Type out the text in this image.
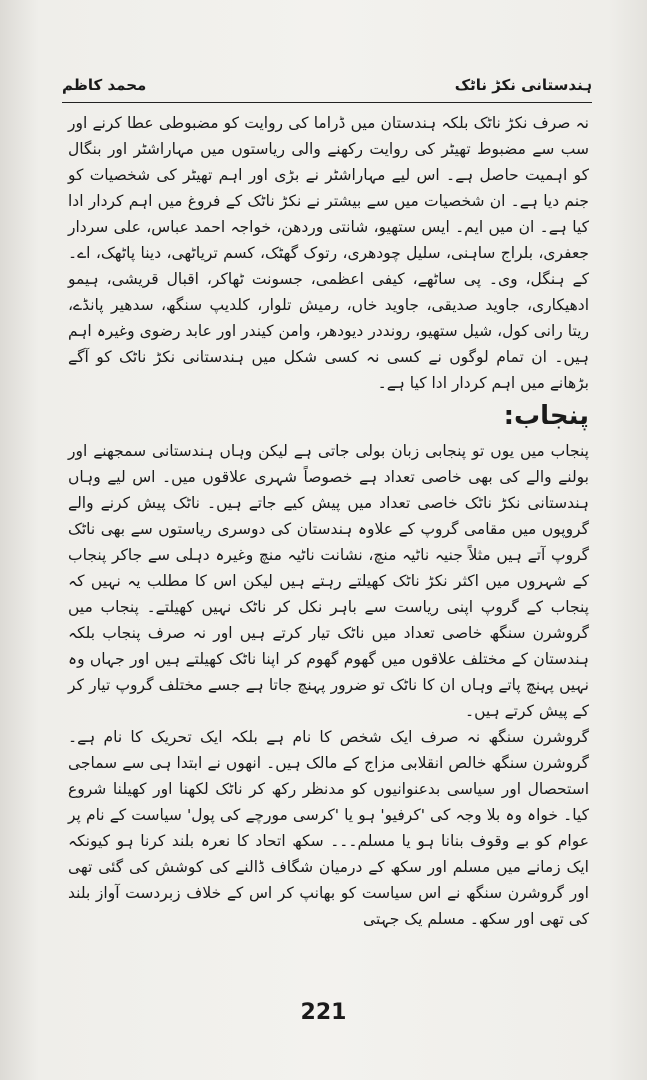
ہندستانی نکڑ ناٹک
محمد کاظم

نہ صرف نکڑ ناٹک بلکہ ہندستان میں ڈراما کی روایت کو مضبوطی عطا کرنے اور سب سے مضبوط تھیٹر کی روایت رکھنے والی ریاستوں میں مہاراشٹر اور بنگال کو اہمیت حاصل ہے۔ اس لیے مہاراشٹر نے بڑی اور اہم تھیٹر کی شخصیات کو جنم دیا ہے۔ ان شخصیات میں سے بیشتر نے نکڑ ناٹک کے فروغ میں اہم کردار ادا کیا ہے۔ ان میں ایم۔ ایس ستھیو، شانتی وردھن، خواجہ احمد عباس، علی سردار جعفری، بلراج ساہنی، سلیل چودھری، رتوک گھٹک، کسم تریاٹھی، دینا پاٹھک، اے۔ کے ہنگل، وی۔ پی ساٹھے، کیفی اعظمی، جسونت ٹھاکر، اقبال قریشی، ہیمو ادھیکاری، جاوید صدیقی، جاوید خاں، رمیش تلوار، کلدیپ سنگھ، سدھیر پانڈے، ریتا رانی کول، شیل ستھیو، رونددر دیودھر، وامن کیندر اور عابد رضوی وغیرہ اہم ہیں۔ ان تمام لوگوں نے کسی نہ کسی شکل میں ہندستانی نکڑ ناٹک کو آگے بڑھانے میں اہم کردار ادا کیا ہے۔

پنجاب:

پنجاب میں یوں تو پنجابی زبان بولی جاتی ہے لیکن وہاں ہندستانی سمجھنے اور بولنے والے کی بھی خاصی تعداد ہے خصوصاً شہری علاقوں میں۔ اس لیے وہاں ہندستانی نکڑ ناٹک خاصی تعداد میں پیش کیے جاتے ہیں۔ ناٹک پیش کرنے والے گروپوں میں مقامی گروپ کے علاوہ ہندستان کی دوسری ریاستوں سے بھی ناٹک گروپ آتے ہیں مثلاً جنیہ ناٹیہ منچ، نشانت ناٹیہ منچ وغیرہ دہلی سے جاکر پنجاب کے شہروں میں اکثر نکڑ ناٹک کھیلتے رہتے ہیں لیکن اس کا مطلب یہ نہیں کہ پنجاب کے گروپ اپنی ریاست سے باہر نکل کر ناٹک نہیں کھیلتے۔ پنجاب میں گروشرن سنگھ خاصی تعداد میں ناٹک تیار کرتے ہیں اور نہ صرف پنجاب بلکہ ہندستان کے مختلف علاقوں میں گھوم گھوم کر اپنا ناٹک کھیلتے ہیں اور جہاں وہ نہیں پہنچ پاتے وہاں ان کا ناٹک تو ضرور پہنچ جاتا ہے جسے مختلف گروپ تیار کر کے پیش کرتے ہیں۔

گروشرن سنگھ نہ صرف ایک شخص کا نام ہے بلکہ ایک تحریک کا نام ہے۔ گروشرن سنگھ خالص انقلابی مزاج کے مالک ہیں۔ انھوں نے ابتدا ہی سے سماجی استحصال اور سیاسی بدعنوانیوں کو مدنظر رکھ کر ناٹک لکھنا اور کھیلنا شروع کیا۔ خواہ وہ بلا وجہ کی 'کرفیو' ہو یا 'کرسی مورچے کی پول' سیاست کے نام پر عوام کو بے وقوف بنانا ہو یا مسلم۔۔۔ سکھ اتحاد کا نعرہ بلند کرنا ہو کیونکہ ایک زمانے میں مسلم اور سکھ کے درمیان شگاف ڈالنے کی کوشش کی گئی تھی اور گروشرن سنگھ نے اس سیاست کو بھانپ کر اس کے خلاف زبردست آواز بلند کی تھی اور سکھ۔ مسلم یک جہتی

221
